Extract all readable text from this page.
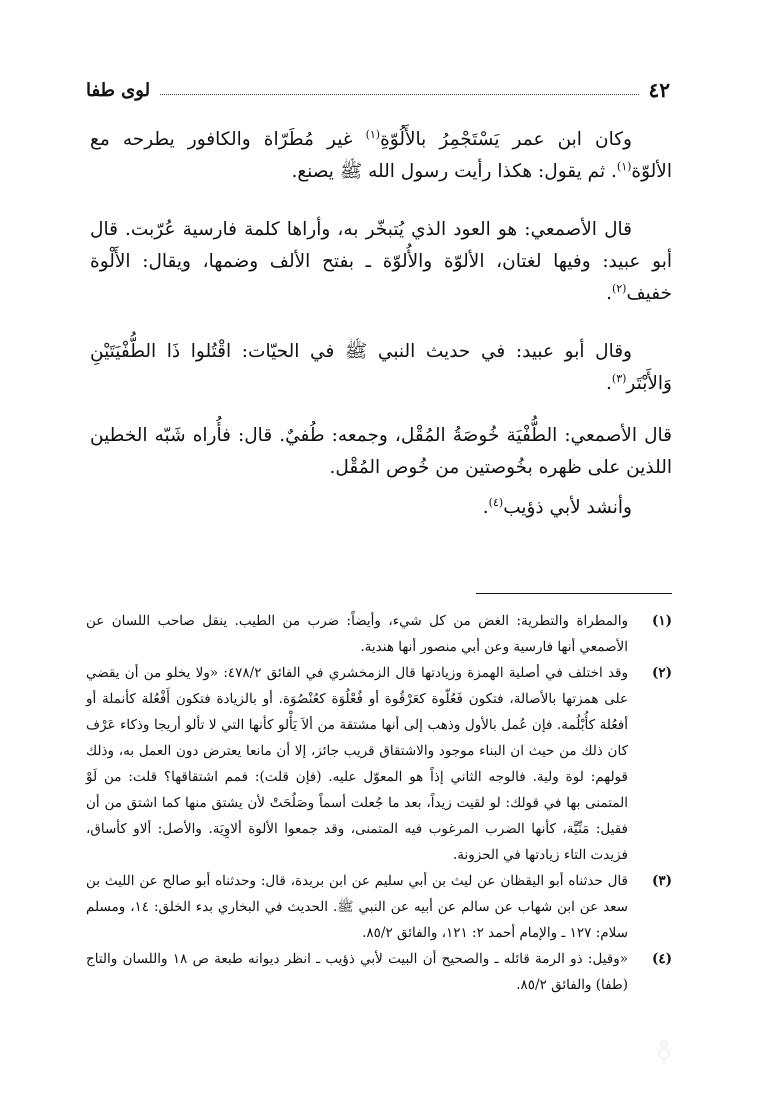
٤٢
لوى طفا

وكان ابن عمر يَسْتَجْمِرُ بالأَلُوّةِ$^{(١)}$ غير مُطَرّاة والكافور يطرحه مع الألوّة$^{(١)}$. ثم يقول: هكذا رأيت رسول الله ﷺ يصنع.

قال الأصمعي: هو العود الذي يُتبخّر به، وأراها كلمة فارسية عُرّبت. قال أبو عبيد: وفيها لغتان، الألوّة والأُلوّة ـ بفتح الألف وضمها، ويقال: الأَلْوة خفيف$^{(٢)}$.

وقال أبو عبيد: في حديث النبي ﷺ في الحيّات: اقْتُلوا ذَا الطُّفْيَتَيْنِ وَالأَبْتَر$^{(٣)}$.

قال الأصمعي: الطُّفْيَة خُوصَةُ المُقْل، وجمعه: طُفيٌ. قال: فأُراه شَبّه الخطين اللذين على ظهره بخُوصتين من خُوص المُقْل.

وأنشد لأبي ذؤيب$^{(٤)}$.

(١)
والمطراة والتطرية: الغض من كل شيء، وأيضاً: ضرب من الطيب. ينقل صاحب اللسان عن الأصمعي أنها فارسية وعن أبي منصور أنها هندية.
(٢)
وقد اختلف في أصلية الهمزة وزيادتها قال الزمخشري في الفائق ٤٧٨/٢: «ولا يخلو من أن يقضي على همزتها بالأصالة، فتكون فَعُلّوة كعَرْقُوة أو فُعْلُوَة كعُنْصُوَة. أو بالزيادة فتكون أَفْعُلة كأنملة أو أفعُلة كأُبْلُمة. فإن عُمل بالأول وذهب إلى أنها مشتقة من ألاَ يَأْلو كأنها التي لا تألو أريجا وذكاء عَرْف كان ذلك من حيث ان البناء موجود والاشتقاق قريب جائز، إلا أن مانعا يعترض دون العمل به، وذلك قولهم: لوة ولية. فالوجه الثاني إذاً هو المعوّل عليه. (فإن قلت): فمم اشتقاقها؟ قلت: من لَوْ المتمنى بها في قولك: لو لقيت زيداً، بعد ما جُعلت أسماً وصَلُحَتْ لأن يشتق منها كما اشتق من أن فقيل: مَنِّيَّة، كأنها الضرب المرغوب فيه المتمنى، وقد جمعوا الألوة ألاوِيَة. والأصل: ألاو كأساق، فزيدت التاء زيادتها في الحزونة.
(٣)
قال حدثناه أبو اليقظان عن ليث بن أبي سليم عن ابن بريدة، قال: وحدثناه أبو صالح عن الليث بن سعد عن ابن شهاب عن سالم عن أبيه عن النبي ﷺ. الحديث في البخاري بدء الخلق: ١٤، ومسلم سلام: ١٢٧ ـ والإمام أحمد ٢: ١٢١، والفائق ٨٥/٢.
(٤)
«وقيل: ذو الرمة قائله ـ والصحيح أن البيت لأبي ذؤيب ـ انظر ديوانه طبعة ص ١٨ واللسان والتاج (طفا) والفائق ٨٥/٢.
